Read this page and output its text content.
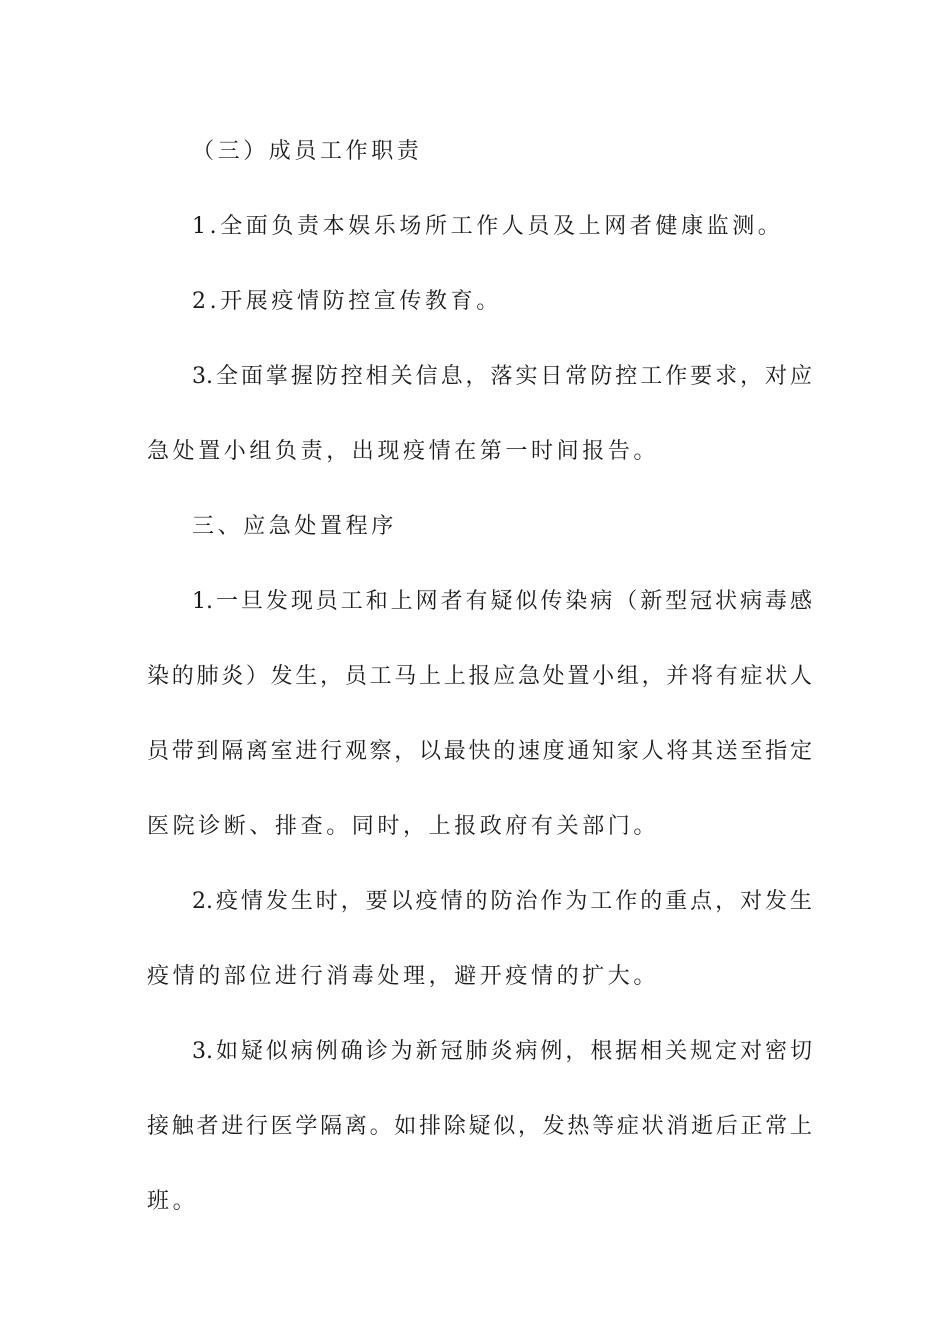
（三）成员工作职责
1.全面负责本娱乐场所工作人员及上网者健康监测。
2.开展疫情防控宣传教育。
3.全面掌握防控相关信息，落实日常防控工作要求，对应
急处置小组负责，出现疫情在第一时间报告。
三、应急处置程序
1.一旦发现员工和上网者有疑似传染病（新型冠状病毒感
染的肺炎）发生，员工马上上报应急处置小组，并将有症状人
员带到隔离室进行观察，以最快的速度通知家人将其送至指定
医院诊断、排查。同时，上报政府有关部门。
2.疫情发生时，要以疫情的防治作为工作的重点，对发生
疫情的部位进行消毒处理，避开疫情的扩大。
3.如疑似病例确诊为新冠肺炎病例，根据相关规定对密切
接触者进行医学隔离。如排除疑似，发热等症状消逝后正常上
班。
